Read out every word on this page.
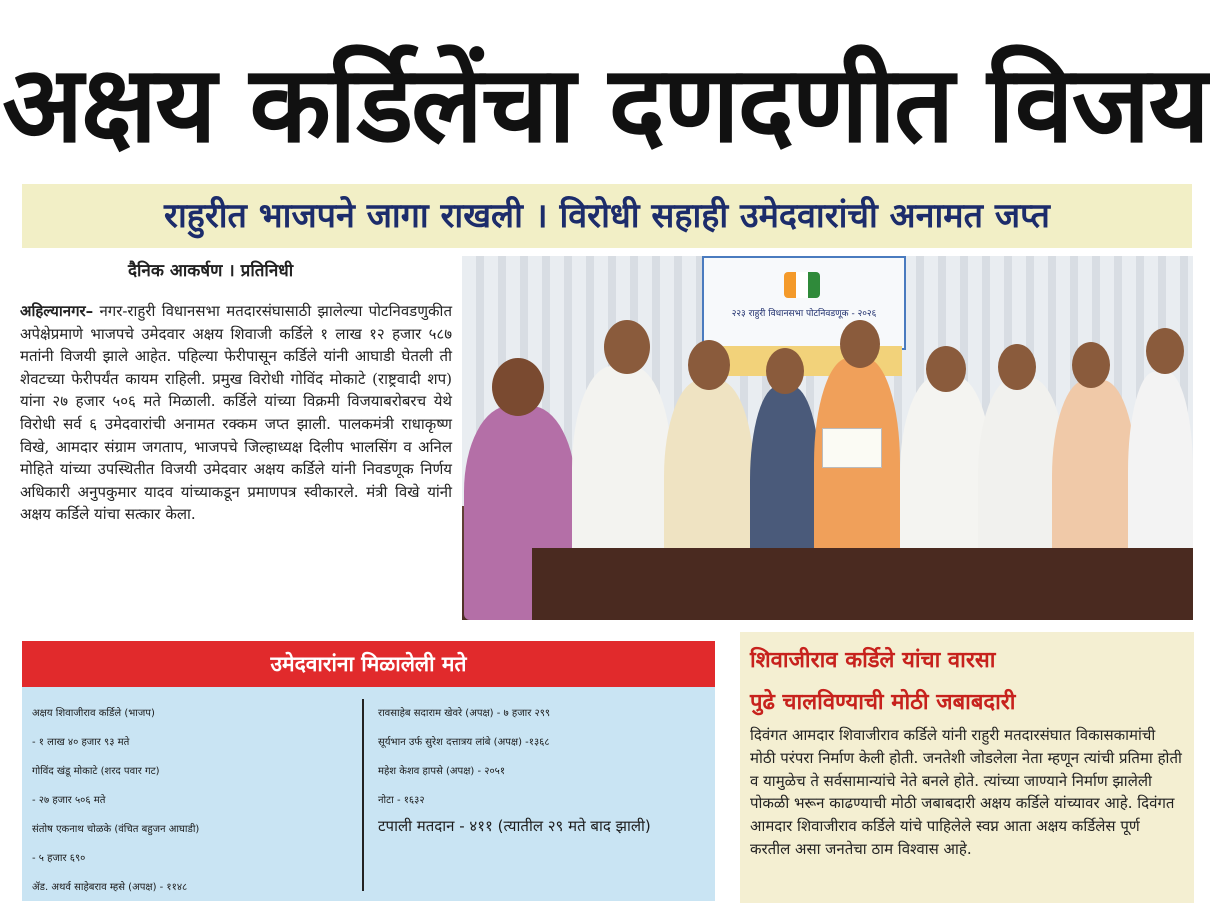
अक्षय कर्डिलेंचा दणदणीत विजय
राहुरीत भाजपने जागा राखली । विरोधी सहाही उमेदवारांची अनामत जप्त
दैनिक आकर्षण । प्रतिनिधी
अहिल्यानगर– नगर-राहुरी विधानसभा मतदारसंघासाठी झालेल्या पोटनिवडणुकीत अपेक्षेप्रमाणे भाजपचे उमेदवार अक्षय शिवाजी कर्डिले १ लाख १२ हजार ५८७ मतांनी विजयी झाले आहेत. पहिल्या फेरीपासून कर्डिले यांनी आघाडी घेतली ती शेवटच्या फेरीपर्यंत कायम राहिली. प्रमुख विरोधी गोविंद मोकाटे (राष्ट्रवादी शप) यांना २७ हजार ५०६ मते मिळाली. कर्डिले यांच्या विक्रमी विजयाबरोबरच येथे विरोधी सर्व ६ उमेदवारांची अनामत रक्कम जप्त झाली. पालकमंत्री राधाकृष्ण विखे, आमदार संग्राम जगताप, भाजपचे जिल्हाध्यक्ष दिलीप भालसिंग व अनिल मोहिते यांच्या उपस्थितीत विजयी उमेदवार अक्षय कर्डिले यांनी निवडणूक निर्णय अधिकारी अनुपकुमार यादव यांच्याकडून प्रमाणपत्र स्वीकारले. मंत्री विखे यांनी अक्षय कर्डिले यांचा सत्कार केला.
२२३ राहुरी विधानसभा पोटनिवडणूक - २०२६
उमेदवारांना मिळालेली मते
अक्षय शिवाजीराव कर्डिले (भाजप)
- १ लाख ४० हजार ९३ मते
गोविंद खंडू मोकाटे (शरद पवार गट)
- २७ हजार ५०६ मते
संतोष एकनाथ चोळके (वंचित बहुजन आघाडी)
- ५ हजार ६९०
ॲड. अथर्व साहेबराव म्हसे (अपक्ष) - ११४८
रावसाहेब सदाराम खेवरे (अपक्ष) - ७ हजार २९९
सूर्यभान उर्फ सुरेश दत्तात्रय लांबे (अपक्ष) -१३६८
महेश केशव हापसे (अपक्ष) - २०५१
नोटा - १६३२
टपाली मतदान - ४११ (त्यातील २९ मते बाद झाली)
शिवाजीराव कर्डिले यांचा वारसा
पुढे चालविण्याची मोठी जबाबदारी
दिवंगत आमदार शिवाजीराव कर्डिले यांनी राहुरी मतदारसंघात विकासकामांची मोठी परंपरा निर्माण केली होती. जनतेशी जोडलेला नेता म्हणून त्यांची प्रतिमा होती व यामुळेच ते सर्वसामान्यांचे नेते बनले होते. त्यांच्या जाण्याने निर्माण झालेली पोकळी भरून काढण्याची मोठी जबाबदारी अक्षय कर्डिले यांच्यावर आहे. दिवंगत आमदार शिवाजीराव कर्डिले यांचे पाहिलेले स्वप्न आता अक्षय कर्डिलेस पूर्ण करतील असा जनतेचा ठाम विश्वास आहे.
